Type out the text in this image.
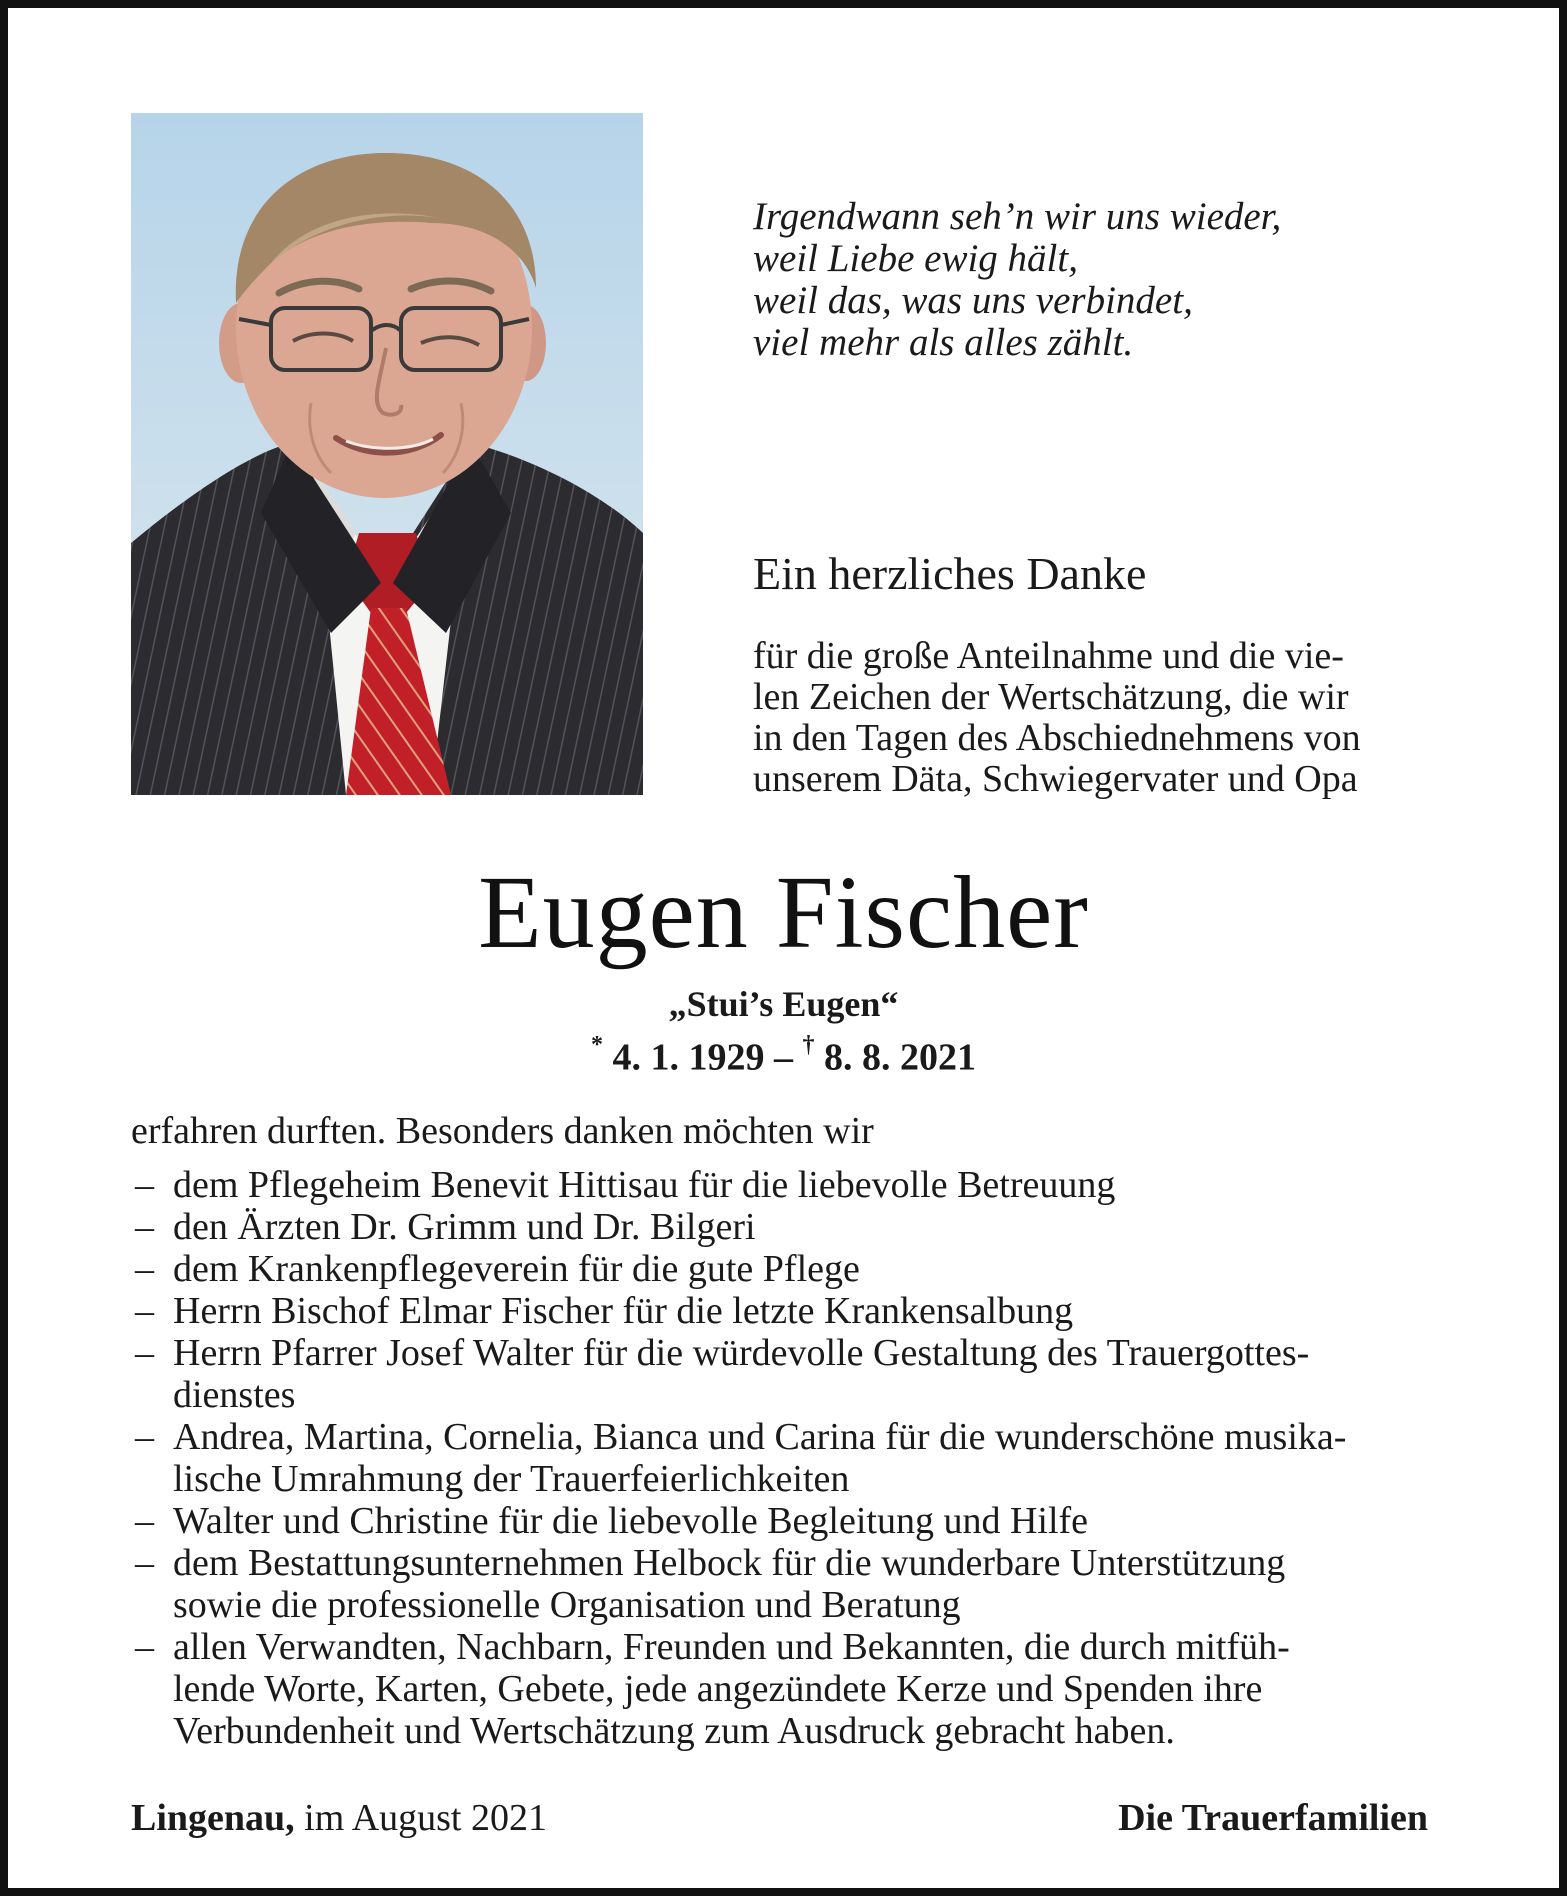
Irgendwann seh’n wir uns wieder,
weil Liebe ewig hält,
weil das, was uns verbindet,
viel mehr als alles zählt.
Ein herzliches Danke
für die große Anteilnahme und die vie-
len Zeichen der Wertschätzung, die wir
in den Tagen des Abschiednehmens von
unserem Däta, Schwiegervater und Opa
Eugen Fischer
„Stui’s Eugen“
* 4. 1. 1929 – † 8. 8. 2021
erfahren durften. Besonders danken möchten wir
– dem Pflegeheim Benevit Hittisau für die liebevolle Betreuung
– den Ärzten Dr. Grimm und Dr. Bilgeri
– dem Krankenpflegeverein für die gute Pflege
– Herrn Bischof Elmar Fischer für die letzte Krankensalbung
– Herrn Pfarrer Josef Walter für die würdevolle Gestaltung des Trauergottes-
dienstes
– Andrea, Martina, Cornelia, Bianca und Carina für die wunderschöne musika-
lische Umrahmung der Trauerfeierlichkeiten
– Walter und Christine für die liebevolle Begleitung und Hilfe
– dem Bestattungsunternehmen Helbock für die wunderbare Unterstützung
sowie die professionelle Organisation und Beratung
– allen Verwandten, Nachbarn, Freunden und Bekannten, die durch mitfüh-
lende Worte, Karten, Gebete, jede angezündete Kerze und Spenden ihre
Verbundenheit und Wertschätzung zum Ausdruck gebracht haben.
Lingenau, im August 2021	Die Trauerfamilien
